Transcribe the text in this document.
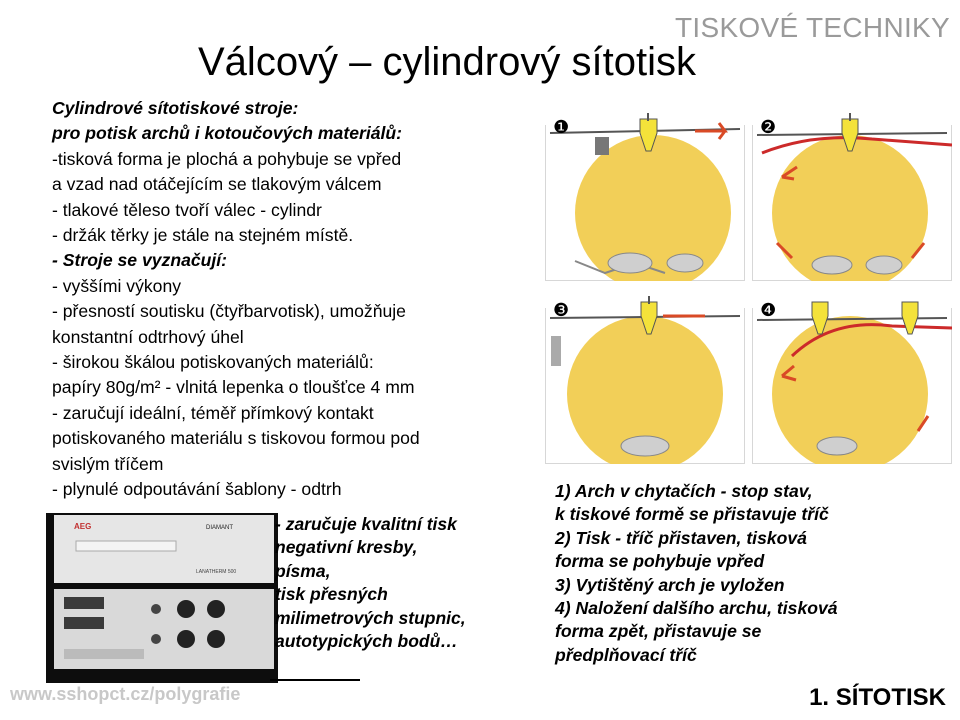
TISKOVÉ TECHNIKY
Válcový – cylindrový sítotisk
Cylindrové sítotiskové stroje:
pro potisk archů i kotoučových materiálů:
-tisková forma je plochá a pohybuje se vpřed
a vzad nad otáčejícím se tlakovým válcem
- tlakové těleso tvoří válec - cylindr
- držák těrky je stále na stejném místě.
- Stroje se vyznačují:
- vyššími výkony
- přesností soutisku (čtyřbarvotisk), umožňuje
konstantní odtrhový úhel
- širokou škálou potiskovaných materiálů:
papíry 80g/m² - vlnitá lepenka o tloušťce 4 mm
- zaručují ideální, téměř přímkový kontakt
potiskovaného materiálu s tiskovou formou pod
svislým tříčem
- plynulé odpoutávání šablony - odtrh
❶	❷
❸	❹
AEG	DIAMANT
LANATHERM 500
- zaručuje kvalitní tisk
negativní kresby,
písma,
tisk přesných
milimetrových stupnic,
autotypických bodů…
1) Arch v chytačích - stop stav,
k tiskové formě se přistavuje tříč
2) Tisk - tříč přistaven, tisková
forma se pohybuje vpřed
3) Vytištěný arch je vyložen
4) Naložení dalšího archu, tisková
forma zpět, přistavuje se
předplňovací tříč
www.sshopct.cz/polygrafie	1. SÍTOTISK
